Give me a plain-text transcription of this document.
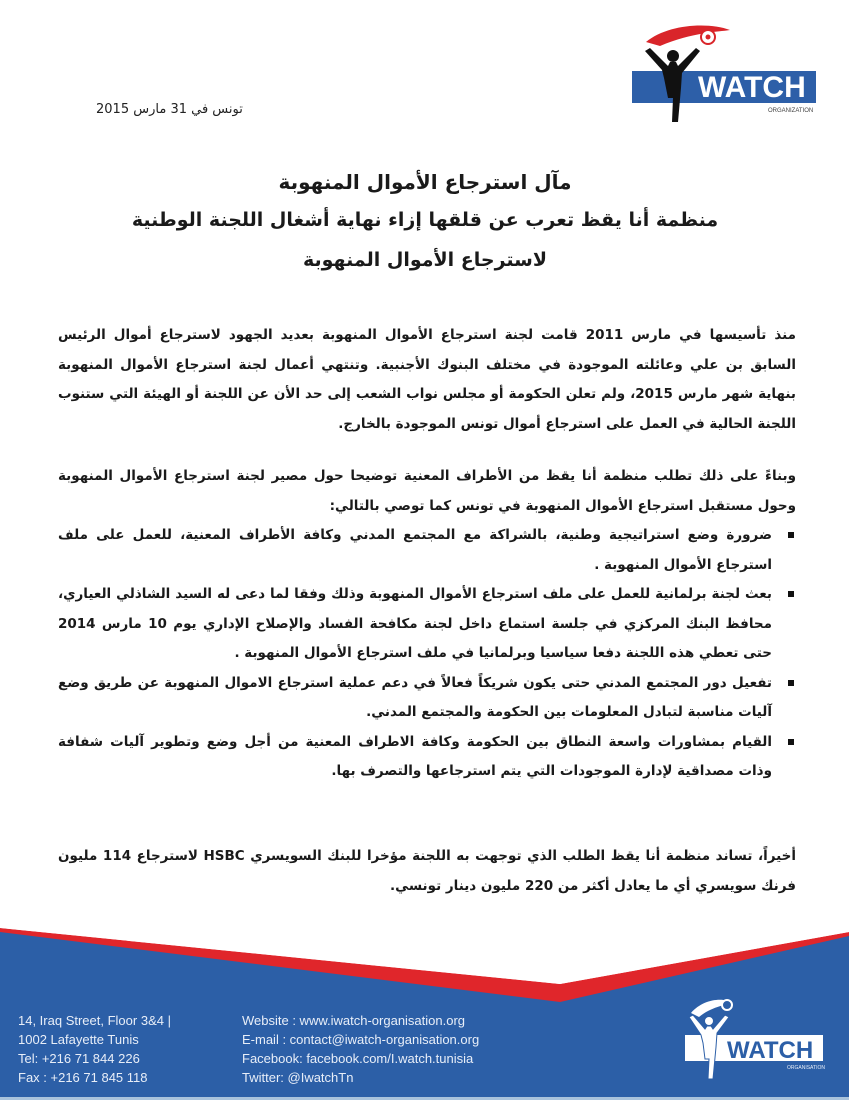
WATCH
ORGANIZATION
تونس في 31 مارس 2015
مآل استرجاع الأموال المنهوبة
منظمة أنا يقظ تعرب عن قلقها إزاء نهاية أشغال اللجنة الوطنية لاسترجاع الأموال المنهوبة
منذ تأسيسها في مارس 2011 قامت لجنة استرجاع الأموال المنهوبة بعديد الجهود لاسترجاع أموال الرئيس السابق بن علي وعائلته الموجودة في مختلف البنوك الأجنبية. وتنتهي أعمال لجنة استرجاع الأموال المنهوبة بنهاية شهر مارس 2015، ولم تعلن الحكومة أو مجلس نواب الشعب إلى حد الأن عن اللجنة أو الهيئة التي ستنوب اللجنة الحالية في العمل على استرجاع أموال تونس الموجودة بالخارج.
وبناءً على ذلك تطلب منظمة أنا يقظ من الأطراف المعنية توضيحا حول مصير لجنة استرجاع الأموال المنهوبة وحول مستقبل استرجاع الأموال المنهوبة في تونس كما توصي بالتالي:
ضرورة وضع استراتيجية وطنية، بالشراكة مع المجتمع المدني وكافة الأطراف المعنية، للعمل على ملف استرجاع الأموال المنهوبة .
بعث لجنة برلمانية للعمل على ملف استرجاع الأموال المنهوبة وذلك وفقا لما دعى له السيد الشاذلي العياري، محافظ البنك المركزي في جلسة استماع داخل لجنة مكافحة الفساد والإصلاح الإداري يوم 10 مارس 2014 حتى تعطي هذه اللجنة دفعا سياسيا وبرلمانيا في ملف استرجاع الأموال المنهوبة .
تفعيل دور المجتمع المدني حتى يكون شريكاً فعالاً في دعم عملية استرجاع الاموال المنهوبة عن طريق وضع آليات مناسبة لتبادل المعلومات بين الحكومة والمجتمع المدني.
القيام بمشاورات واسعة النطاق بين الحكومة وكافة الاطراف المعنية من أجل وضع وتطوير آليات شفافة وذات مصداقية لإدارة الموجودات التي يتم استرجاعها والتصرف بها.
أخيراً، تساند منظمة أنا يقظ الطلب الذي توجهت به اللجنة مؤخرا للبنك السويسري HSBC لاسترجاع 114 مليون فرنك سويسري أي ما يعادل أكثر من 220 مليون دينار تونسي.
14, Iraq Street, Floor 3&4 |
1002 Lafayette Tunis
Tel: +216 71 844 226
Fax : +216 71 845 118
Website : www.iwatch-organisation.org
E-mail : contact@iwatch-organisation.org
Facebook: facebook.com/I.watch.tunisia
Twitter: @IwatchTn
WATCH
ORGANISATION
